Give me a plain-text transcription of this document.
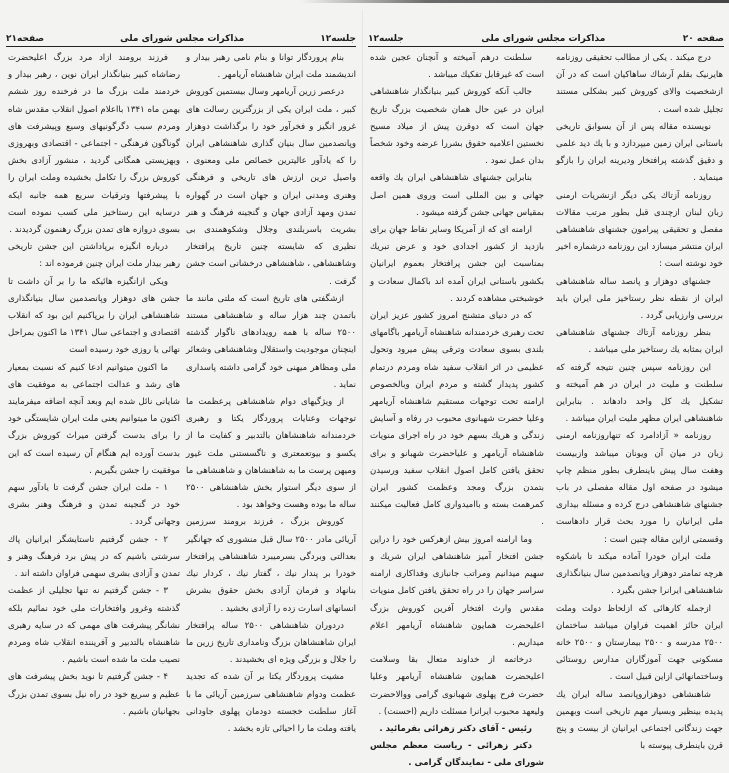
صفحه ۲۰
مذاکرات مجلس شورای ملی
جلسه۱۲
جلسه۱۲
مذاکرات مجلس شورای ملی
صفحه۲۱

درج میکند . یکی از مطالب تحقیقی روزنامه هایرنیک بقلم آرشاك ساهاكیان است که در آن ازشخصیت والای کوروش کبیر بشکلی مستند تجلیل شده است .

نویسنده مقاله پس از آن بسوابق تاریخی باستانی ایران زمین میپردازد و با یك دید علمی و دقیق گذشته پرافتخار ودیرینه ایران را بازگو مینماید .

روزنامه آزتاك یکی دیگر ازنشریات ارمنی زبان لبنان ازچندی قبل بطور مرتب مقالات مفصل و تحقیقی پیرامون جشنهای شاهنشاهی ایران منتشر میسازد این روزنامه درشماره اخیر خود نوشته است :

جشنهای دوهزار و پانصد ساله شاهنشاهی ایران از نقطه نظر رستاخیز ملی ایران باید بررسی وارزیابی گردد .

بنظر روزنامه آزتاك جشنهای شاهنشاهی ایران بمثابه یك رستاخیز ملی میباشد .

این روزنامه سپس چنین نتیجه گرفته که سلطنت و ملیت در ایران در هم آمیخته و تشکیل یك کل واحد دادهاند . بنابراین شاهنشاهی ایران مظهر ملیت ایران میباشد .

روزنامه « آزادامرد که تنهاروزنامه ارمنی زبان در میان آن ویونان میباشد وازبیست وهفت سال پیش باینطرف بطور منظم چاپ میشود در صفحه اول مقاله مفصلی در باب جشنهای شاهنشاهی درج کرده و مسئله بیداری ملی ایرانیان را مورد بحث قرار دادهاست وقسمتی ازاین مقاله چنین است :

ملت ایران خودرا آماده میکند تا باشکوه هرچه تمامتر دوهزار وپانصدمین سال بنیانگذاری شاهنشاهی ایرانرا جشن بگیرد .

ازجمله کارهائی که ازلحاظ دولت وملت ایران حائز اهمیت فراوان میباشد ساختمان ۲۵۰۰ مدرسه و ۲۵۰۰ بیمارستان و ۲۵۰۰ خانه مسکونی جهت آموزگاران مدارس روستائی وساختمانهائی ازاین قبیل است .

شاهنشاهی دوهزاروپانصد ساله ایران یك پدیده بینظیر وبسیار مهم تاریخی است وبهمین جهت زندگانی اجتماعی ایرانیان از بیست و پنج قرن باینطرف پیوسته با

سلطنت درهم آمیخته و آنچنان عجین شده است که غیرقابل تفکیك میباشد .

جالب آنکه کوروش کبیر بنیانگذار شاهنشاهی ایران در عین حال همان شخصیت بزرگ تاریخ جهان است که دوقرن پیش از میلاد مسیح نخستین اعلامیه حقوق بشررا عرضه وخود شخصاً بدان عمل نمود .

بنابراین جشنهای شاهنشاهی ایران یك واقعه جهانی و بین المللی است وروی همین اصل بمقیاس جهانی جشن گرفته میشود .

ارامنه ای که از آمریکا وسایر نقاط جهان برای بازدید از کشور اجدادی خود و عرض تبریك بمناسبت این جشن پرافتخار بعموم ایرانیان بکشور باستانی ایران آمده اند باکمال سعادت و خوشبختی مشاهده کردند .

که در دنیای متشنج امروز کشور عزیز ایران تحت رهبری خردمندانه شاهنشاه آریامهر باگامهای بلندی بسوی سعادت وترقی پیش میرود وتحول عظیمی در اثر انقلاب سفید شاه ومردم درتمام کشور پدیدار گشته و مردم ایران وبالخصوص ارامنه تحت توجهات مستقیم شاهنشاه آریامهر وعلیا حضرت شهبانوی محبوب در رفاه و آسایش زندگی و هریك بسهم خود در راه اجرای منویات شاهنشاه آریامهر و علیاحضرت شهبانو و برای تحقق یافتن کامل اصول انقلاب سفید ورسیدن بتمدن بزرگ ومجد وعظمت کشور ایران کمرهمت بسته و بااميدواری کامل فعالیت میکنند .

وما ارامنه امروز بیش ازهرکس خود را دراین جشن افتخار آمیز شاهنشاهی ایران شریك و سهیم میدانیم ومراتب جانبازی وفداکاری ارامنه سراسر جهان را در راه تحقق یافتن کامل منویات مقدس وارث افتخار آفرین کوروش بزرگ اعلیحضرت همایون شاهنشاه آریامهر اعلام میداریم .

درخاتمه از خداوند متعال بقا وسلامت اعلیحضرت همایون شاهنشاه آریامهر وعلیا حضرت فرح پهلوی شهبانوی گرامی ووالاحضرت ولیعهد محبوب ایرانرا مسئلت داریم (احسنت) .

رئیس - آقای دکتر زهرائی بفرمائید .

دکتر زهرائی - ریاست معظم مجلس شورای ملی - نمایندگان گرامی .

بنام پروردگار توانا و بنام نامی رهبر بیدار و اندیشمند ملت ایران شاهنشاه آریامهر .

درعصر زرین آریامهر وسال بیستمین کوروش کبیر ، ملت ایران یکی از بزرگترین رسالت های غرور انگیز و فخرآور خود را برگذاشت دوهزار وپانصدمین سال بنیان گذاری شاهنشاهی ایران را که یادآور عالیترین خصائص ملی ومعنوی ، واصیل ترین ارزش های تاریخی و فرهنگی وهنری ومدنی ایران و جهان است در گهواره تمدن ومهد آزادی جهان و گنجینه فرهنگ و هنر بشریت باسربلندی وجلال وشکوهمندی بی نظیری که شایسته چنین تاریخ پرافتخار وشاهنشاهی ، شاهنشاهی درخشانی است جشن گرفت .

ازشگفتی های تاریخ است که ملتی مانند ما باتمدن چند هزار ساله و شاهنشاهی مستند ۲۵۰۰ ساله با همه رویدادهای ناگوار گذشته اینچنان موجودیت واستقلال وشاهنشاهی وشعائر ملی ومظاهر میهنی خود گرامی داشته پاسداری نماید .

از ویژگیهای دوام شاهنشاهی پرعظمت ما توجهات وعنایات پروردگار یکتا و رهبری خردمندانه شاهنشاهان بالتدبیر و کفایت ما از یکسو و بیوتعمعتری و ناگسستنی ملت غیور ومیهن پرست ما به شاهنشاهان و شاهنشاهی ما از سوی دیگر استوار بخش شاهنشاهی ۲۵۰۰ ساله ما بوده وهست وخواهد بود .

کوروش بزرگ ، فرزند برومند سرزمین آریائی مادر ۲۵۰۰ سال قبل منشوری که جهانگیر بعدالتی وبردگی بسرمیبرد شاهنشاهی پرافتخار خودرا بر پندار نیك ، گفتار نیك ، کردار نیك بنانهاد و فرمان آزادی بخش حقوق بشرش انسانهای اسارت زده را آزادی بخشید .

دردوران شاهنشاهی ۲۵۰۰ ساله پرافتخار ایران شاهنشاهان بزرگ ونامداری تاریخ زرین ما را جلال و بزرگی ویژه ای بخشیدند .

مشیت پروردگار یکتا بر آن شده که تجدید عظمت ودوام شاهنشاهی سرزمین آریائی ما با آغاز سلطنت خجسته دودمان پهلوی جاودانی یافته وملت ما را احیائی تازه بخشد .

فرزند برومند ازاد مرد بزرگ اعلیحضرت رضاشاه کبیر بنیانگذار ایران نوین ، رهبر بیدار و خردمند ملت بزرگ ما در فرخنده روز ششم بهمن ماه ۱۳۴۱ بااعلام اصول انقلاب مقدس شاه ومردم سبب دگرگونیهای وسیع وپیشرفت های گوناگون فرهنگی - اجتماعی - اقتصادی وبهروزی وبهزیستی همگانی گردید ، منشور آزادی بخش کوروش بزرگ را تکامل بخشیده وملت ایران را با پیشرفتها وترقیات سریع همه جانبه ایکه درسایه این رستاخیز ملی کسب نموده است بسوی دروازه های تمدن بزرگ رهنمون گردیدند .

درباره انگیزه برپاداشتن این جشن تاریخی رهبر بیدار ملت ایران چنین فرموده اند :

ویکی ازانگیزه هائیکه ما را بر آن داشت تا جشن های دوهزار وپانصدمین سال بنیانگذاری شاهنشاهی ایران را برپاکنیم این بود که انقلاب اقتصادی و اجتماعی سال ۱۳۴۱ ما اکنون بمراحل نهائی یا روزی خود رسیده است

ما اکنون میتوانیم ادعا کنیم که نسبت بمعیار های رشد و عدالت اجتماعی به موفقیت های شایانی نائل شده ایم وبعد آنچه اضافه میفرمایند اکنون ما میتوانیم یعنی ملت ایران شایستگی خود را برای بدست گرفتن میراث کوروش بزرگ بدست آورده ایم هنگام آن رسیده است که این موفقیت را جشن بگیریم .

۱ - ملت ایران جشن گرفت تا یادآور سهم خود در گنجینه تمدن و فرهنگ وهنر بشری وجهانی گردد .

۲ - جشن گرفتیم تاستایشگر ایرانیان پاك سرشتی باشیم که در پیش برد فرهنگ وهنر و تمدن و آزادی بشری سهمی فراوان داشته اند .

۳ - جشن گرفتیم نه تنها تجلیلی از عظمت گذشته وغرور وافتخارات ملی خود نمائیم بلکه نشانگر پیشرفت های مهمی که در سایه رهبری شاهنشاه بالتدبیر و آفریننده انقلاب شاه ومردم نصیب ملت ما شده است باشیم .

۴ - جشن گرفتیم تا نوید بخش پیشرفت های عظیم و سریع خود در راه نیل بسوی تمدن بزرگ بجهانیان باشیم .
